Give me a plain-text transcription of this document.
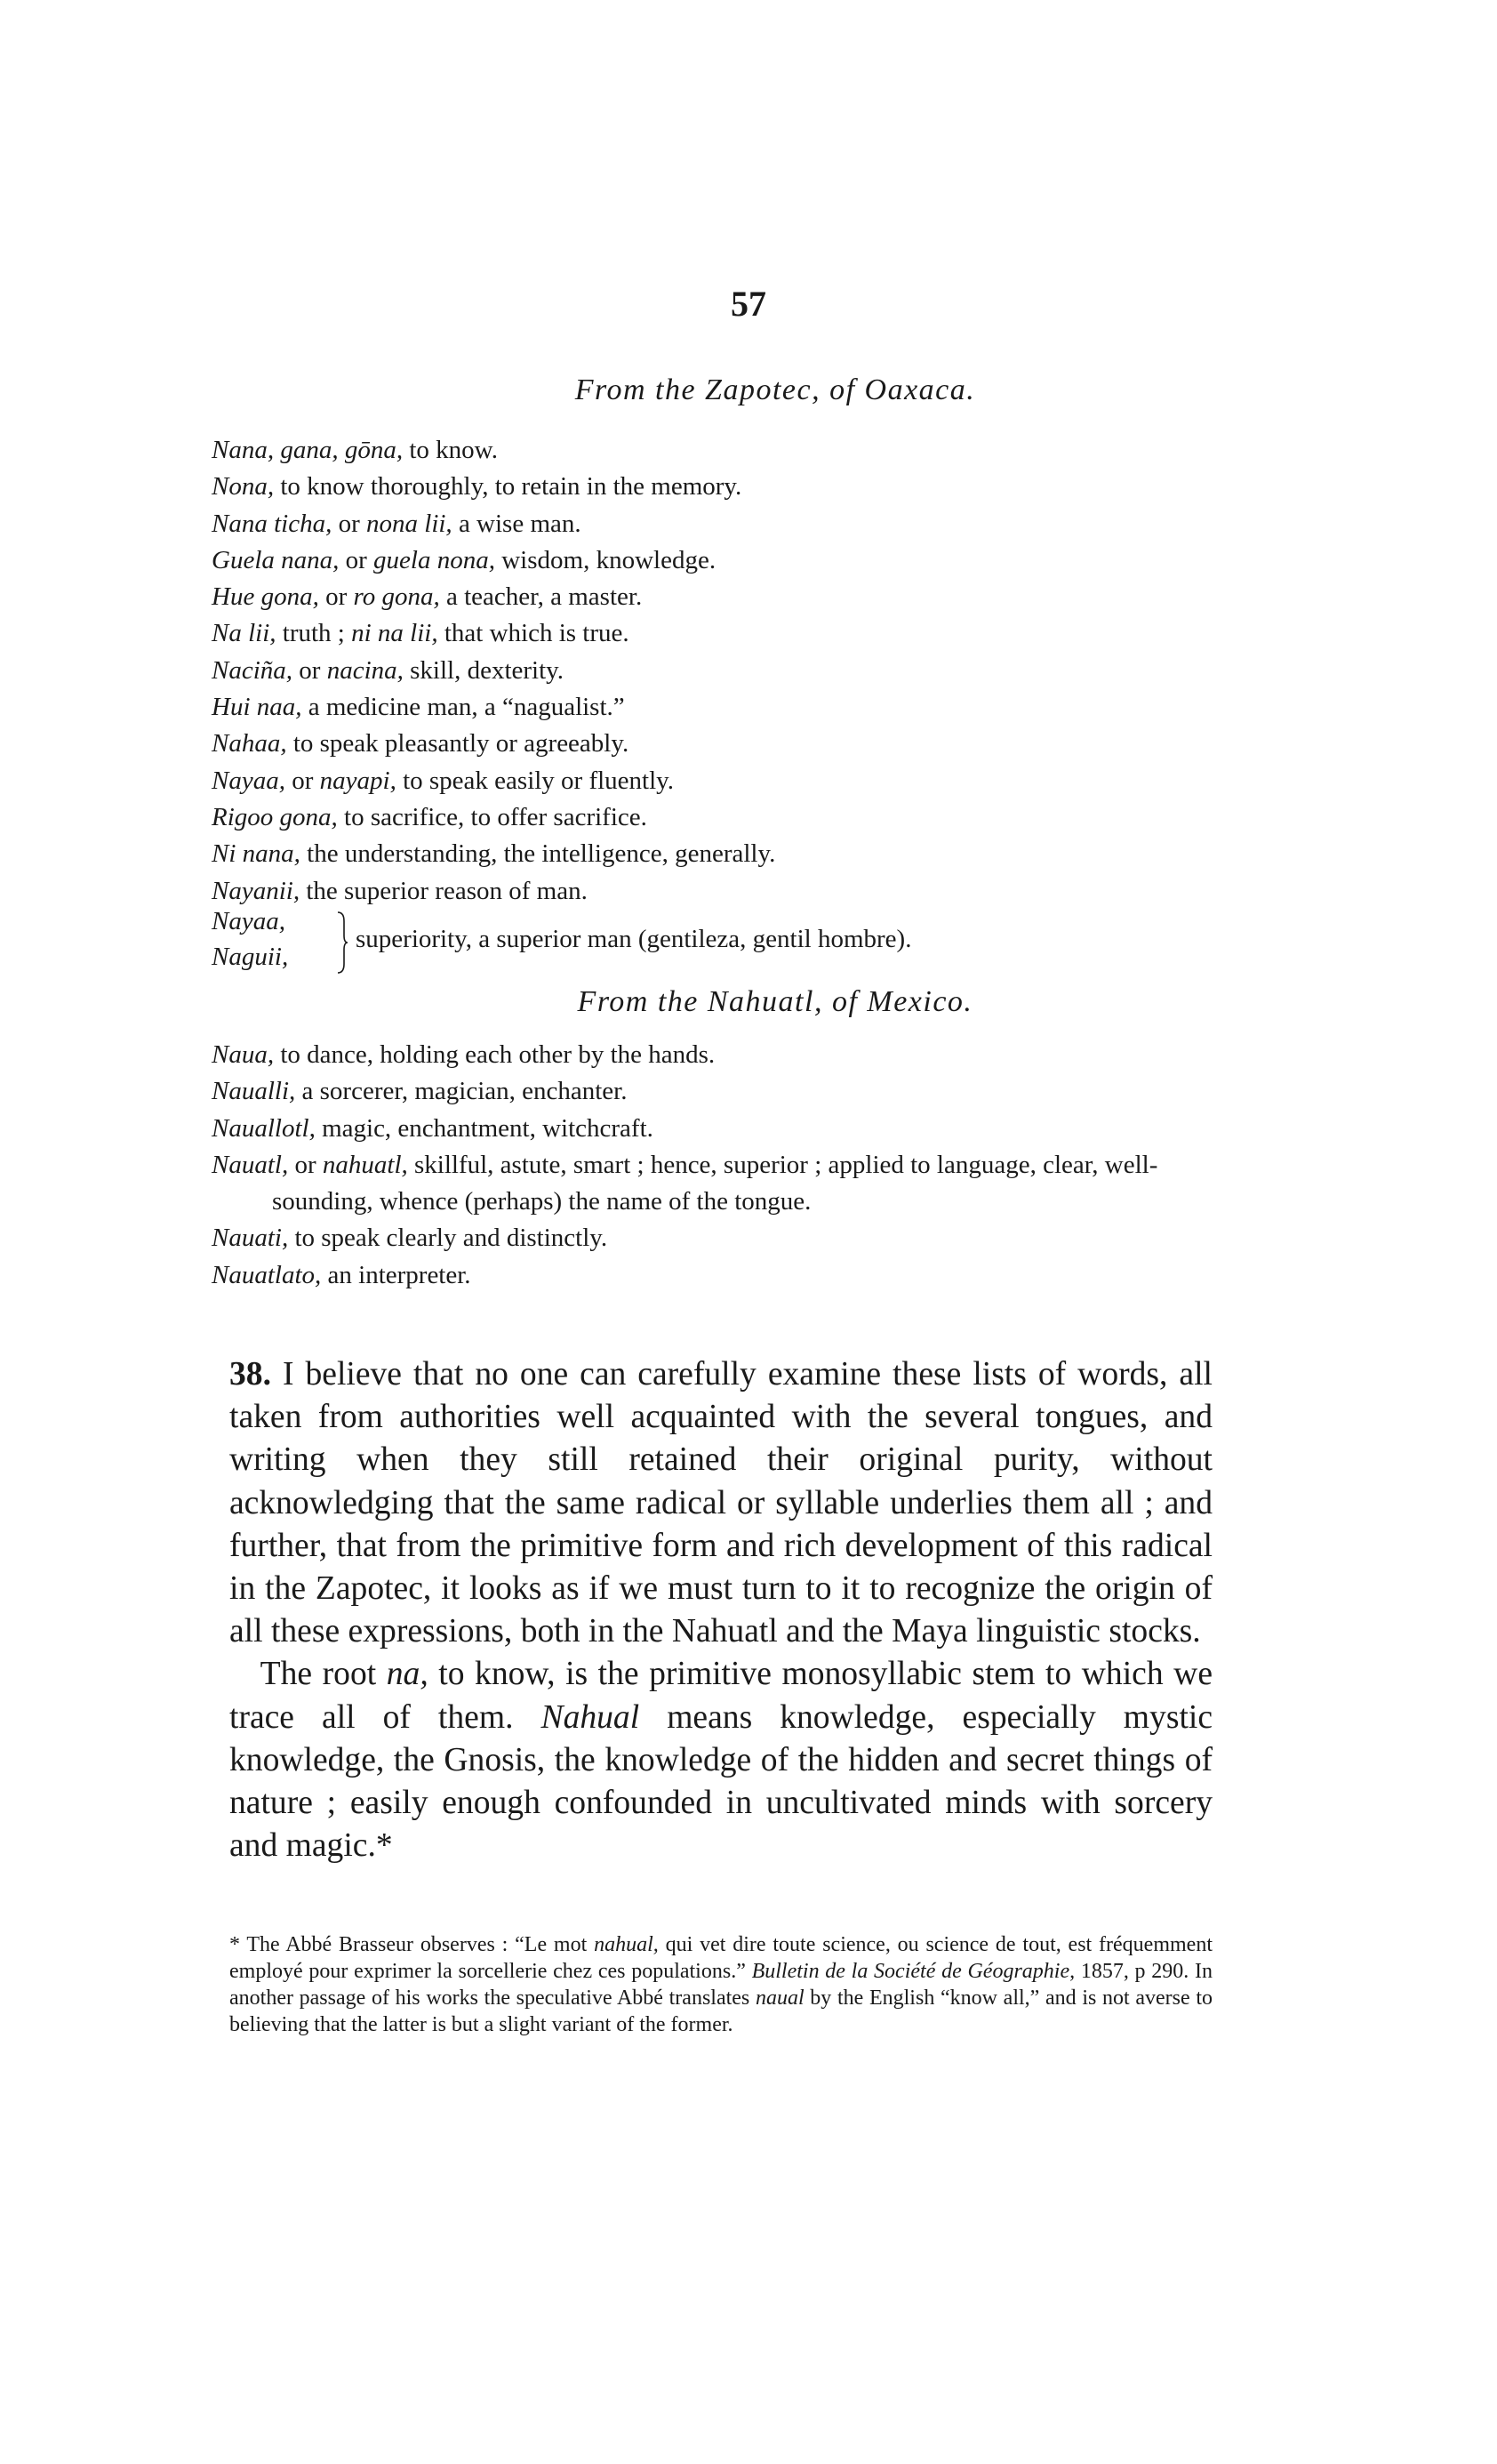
57
From the Zapotec, of Oaxaca.

Nana, gana, gōna, to know.

Nona, to know thoroughly, to retain in the memory.

Nana ticha, or nona lii, a wise man.

Guela nana, or guela nona, wisdom, knowledge.

Hue gona, or ro gona, a teacher, a master.

Na lii, truth ; ni na lii, that which is true.

Naciña, or nacina, skill, dexterity.

Hui naa, a medicine man, a “nagualist.”

Nahaa, to speak pleasantly or agreeably.

Nayaa, or nayapi, to speak easily or fluently.

Rigoo gona, to sacrifice, to offer sacrifice.

Ni nana, the understanding, the intelligence, generally.

Nayanii, the superior reason of man.

Nayaa,
Naguii,
superiority, a superior man (gentileza, gentil hombre).
From the Nahuatl, of Mexico.

Naua, to dance, holding each other by the hands.

Naualli, a sorcerer, magician, enchanter.

Nauallotl, magic, enchantment, witchcraft.

Nauatl, or nahuatl, skillful, astute, smart ; hence, superior ; applied to language, clear, well-sounding, whence (perhaps) the name of the tongue.

Nauati, to speak clearly and distinctly.

Nauatlato, an interpreter.

38. I believe that no one can carefully examine these lists of words, all taken from authorities well acquainted with the several tongues, and writing when they still retained their original purity, without acknowledging that the same radical or syllable underlies them all ; and further, that from the primitive form and rich development of this radical in the Zapotec, it looks as if we must turn to it to recognize the origin of all these expressions, both in the Nahuatl and the Maya linguistic stocks.

The root na, to know, is the primitive monosyllabic stem to which we trace all of them. Nahual means knowledge, especially mystic knowledge, the Gnosis, the knowledge of the hidden and secret things of nature ; easily enough confounded in uncultivated minds with sorcery and magic.*

* The Abbé Brasseur observes : “Le mot nahual, qui vet dire toute science, ou science de tout, est fréquemment employé pour exprimer la sorcellerie chez ces populations.” Bulletin de la Société de Géographie, 1857, p 290. In another passage of his works the speculative Abbé translates naual by the English “know all,” and is not averse to believing that the latter is but a slight variant of the former.
